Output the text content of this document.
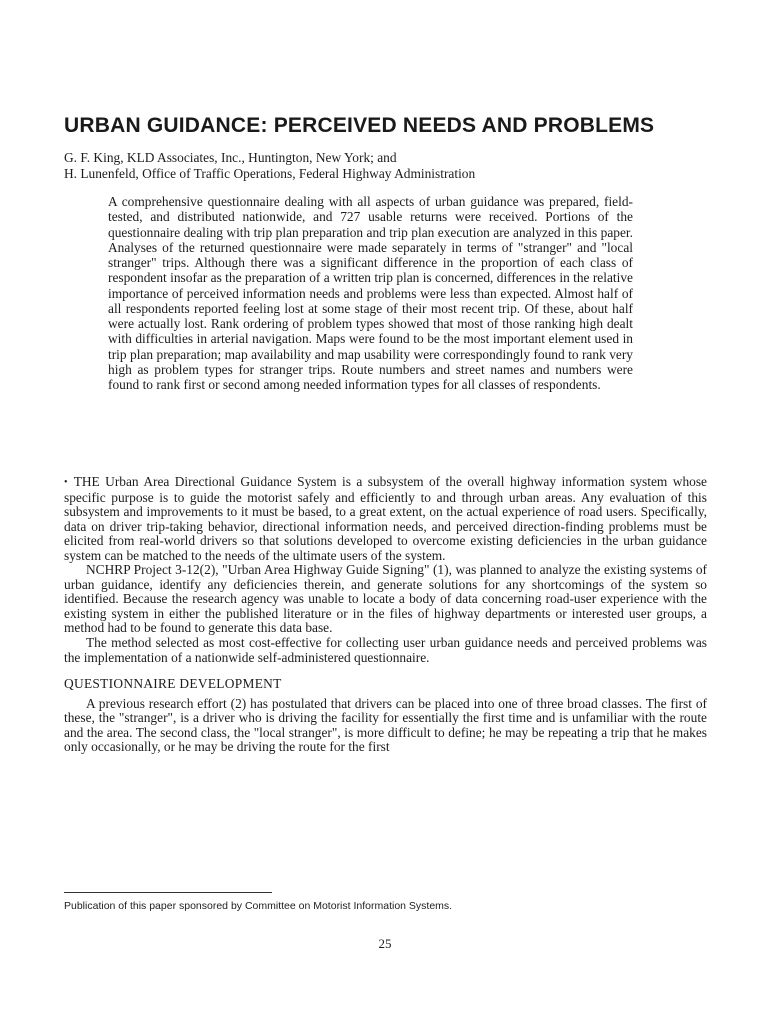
URBAN GUIDANCE: PERCEIVED NEEDS AND PROBLEMS
G. F. King, KLD Associates, Inc., Huntington, New York; and
H. Lunenfeld, Office of Traffic Operations, Federal Highway Administration

A comprehensive questionnaire dealing with all aspects of urban guidance was prepared, field-tested, and distributed nationwide, and 727 usable returns were received. Portions of the questionnaire dealing with trip plan preparation and trip plan execution are analyzed in this paper. Analyses of the returned questionnaire were made separately in terms of "stranger" and "local stranger" trips. Although there was a significant difference in the proportion of each class of respondent insofar as the preparation of a written trip plan is concerned, differences in the relative importance of perceived information needs and problems were less than expected. Almost half of all respondents reported feeling lost at some stage of their most recent trip. Of these, about half were actually lost. Rank ordering of problem types showed that most of those ranking high dealt with difficulties in arterial navigation. Maps were found to be the most important element used in trip plan preparation; map availability and map usability were correspondingly found to rank very high as problem types for stranger trips. Route numbers and street names and numbers were found to rank first or second among needed information types for all classes of respondents.

• THE Urban Area Directional Guidance System is a subsystem of the overall highway information system whose specific purpose is to guide the motorist safely and efficiently to and through urban areas. Any evaluation of this subsystem and improvements to it must be based, to a great extent, on the actual experience of road users. Specifically, data on driver trip-taking behavior, directional information needs, and perceived direction-finding problems must be elicited from real-world drivers so that solutions developed to overcome existing deficiencies in the urban guidance system can be matched to the needs of the ultimate users of the system.

NCHRP Project 3-12(2), "Urban Area Highway Guide Signing" (1), was planned to analyze the existing systems of urban guidance, identify any deficiencies therein, and generate solutions for any shortcomings of the system so identified. Because the research agency was unable to locate a body of data concerning road-user experience with the existing system in either the published literature or in the files of highway departments or interested user groups, a method had to be found to generate this data base.

The method selected as most cost-effective for collecting user urban guidance needs and perceived problems was the implementation of a nationwide self-administered questionnaire.

QUESTIONNAIRE DEVELOPMENT

A previous research effort (2) has postulated that drivers can be placed into one of three broad classes. The first of these, the "stranger", is a driver who is driving the facility for essentially the first time and is unfamiliar with the route and the area. The second class, the "local stranger", is more difficult to define; he may be repeating a trip that he makes only occasionally, or he may be driving the route for the first

Publication of this paper sponsored by Committee on Motorist Information Systems.
25
